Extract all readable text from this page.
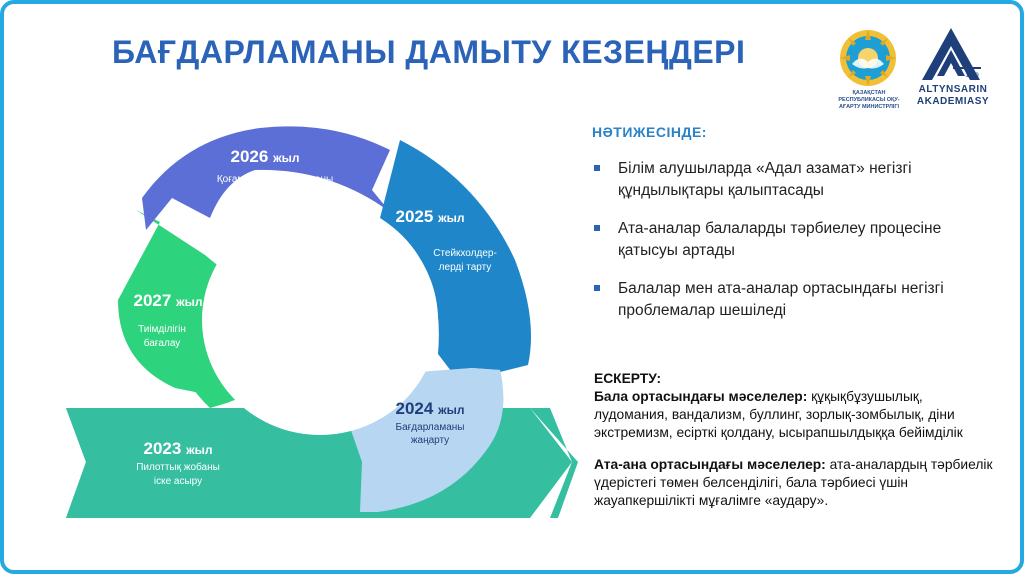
БАҒДАРЛАМАНЫ ДАМЫТУ КЕЗЕҢДЕРІ
ҚАЗАҚСТАН РЕСПУБЛИКАСЫ ОҚУ-АҒАРТУ МИНИСТРЛІГІ
1989
ALTYNSARIN
AKADEMIASY
2026 жыл
Қоғамның бағдарламаны
тұрақты қабылдауын
қалыптастыру
2025 жыл
Стейкхолдер-
лерді тарту
2027 жыл
Тиімділігін
бағалау
2024 жыл
Бағдарламаны
жаңарту
2023 жыл
Пилоттық жобаны
іске асыру
НӘТИЖЕСІНДЕ:
Білім алушыларда «Адал азамат» негізгі құндылықтары қалыптасады
Ата-аналар балаларды тәрбиелеу процесіне қатысуы артады
Балалар мен ата-аналар ортасындағы негізгі проблемалар шешіледі

ЕСКЕРТУ:

Бала ортасындағы мәселелер: құқықбұзушылық, лудомания, вандализм, буллинг, зорлық-зомбылық, діни экстремизм, есірткі қолдану, ысырапшылдыққа бейімділік

Ата-ана ортасындағы мәселелер: ата-аналардың тәрбиелік үдерістегі төмен белсенділігі, бала тәрбиесі үшін жауапкершілікті мұғалімге «аудару».
